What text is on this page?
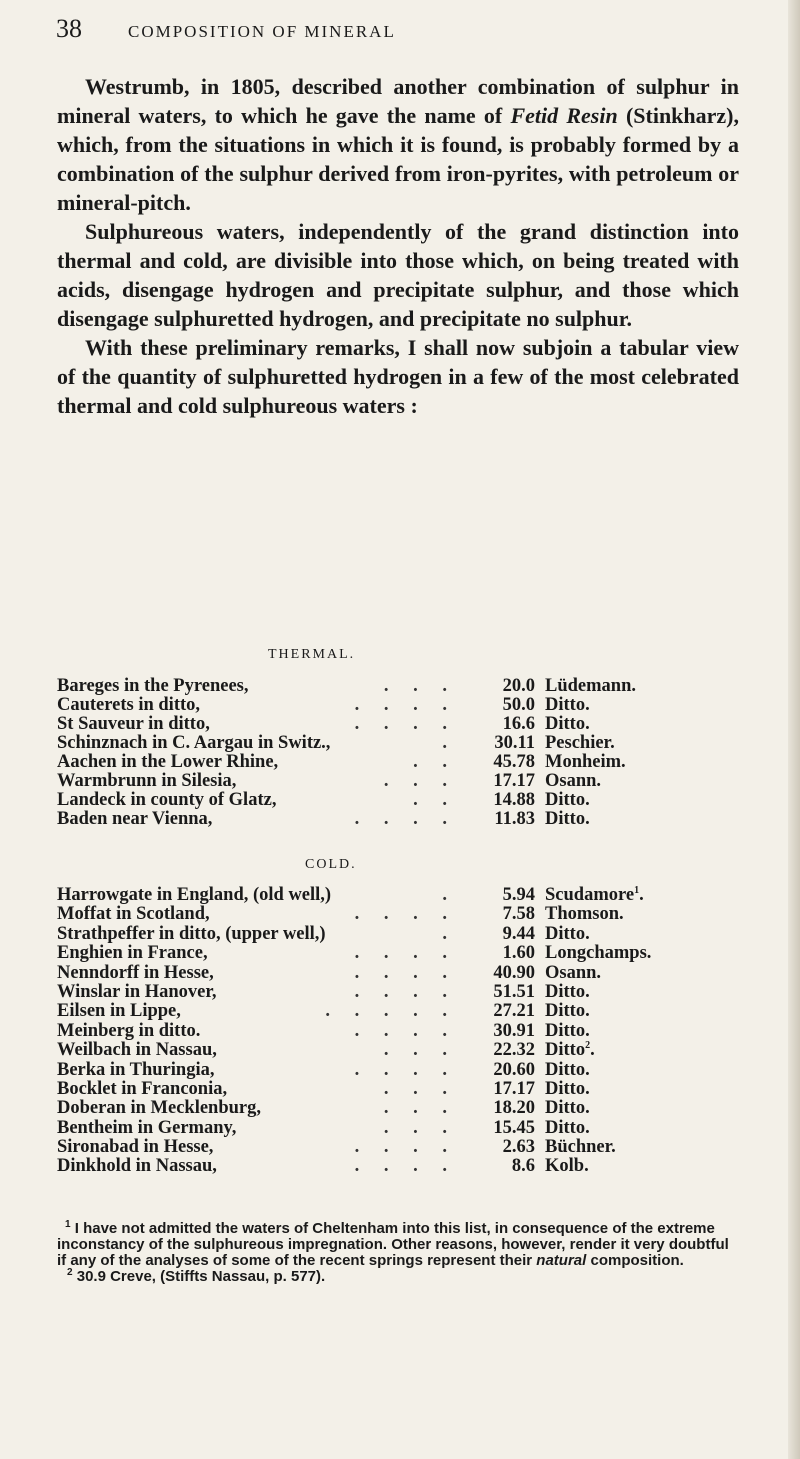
38	COMPOSITION OF MINERAL

Westrumb, in 1805, described another combination of sulphur in mineral waters, to which he gave the name of Fetid Resin (Stinkharz), which, from the situations in which it is found, is probably formed by a combination of the sulphur derived from iron-pyrites, with petroleum or mineral-pitch.

Sulphureous waters, independently of the grand distinction into thermal and cold, are divisible into those which, on being treated with acids, disengage hydrogen and precipitate sulphur, and those which disengage sulphuretted hydrogen, and precipitate no sulphur.

With these preliminary remarks, I shall now subjoin a tabular view of the quantity of sulphuretted hydrogen in a few of the most celebrated thermal and cold sulphureous waters :

THERMAL.
Bareges in the Pyrenees,	. . .	20.0 Lüdemann.
Cauterets in ditto,	. . . .	50.0 Ditto.
St Sauveur in ditto,	. . . .	16.6 Ditto.
Schinznach in C. Aargau in Switz.,	.	30.11 Peschier.
Aachen in the Lower Rhine,	. .	45.78 Monheim.
Warmbrunn in Silesia,	. . .	17.17 Osann.
Landeck in county of Glatz,	. .	14.88 Ditto.
Baden near Vienna,	. . . .	11.83 Ditto.
COLD.
Harrowgate in England, (old well,)	.	5.94 Scudamore$^1$.
Moffat in Scotland,	. . . .	7.58 Thomson.
Strathpeffer in ditto, (upper well,)	.	9.44 Ditto.
Enghien in France,	. . . .	1.60 Longchamps.
Nenndorff in Hesse,	. . . .	40.90 Osann.
Winslar in Hanover,	. . . .	51.51 Ditto.
Eilsen in Lippe,	. . . . .	27.21 Ditto.
Meinberg in ditto.	. . . .	30.91 Ditto.
Weilbach in Nassau,	. . .	22.32 Ditto$^2$.
Berka in Thuringia,	. . . .	20.60 Ditto.
Bocklet in Franconia,	. . .	17.17 Ditto.
Doberan in Mecklenburg,	. . .	18.20 Ditto.
Bentheim in Germany,	. . .	15.45 Ditto.
Sironabad in Hesse,	. . . .	2.63 Büchner.
Dinkhold in Nassau,	. . . .	8.6 Kolb.

$^1$ I have not admitted the waters of Cheltenham into this list, in consequence of the extreme inconstancy of the sulphureous impregnation. Other reasons, however, render it very doubtful if any of the analyses of some of the recent springs represent their natural composition.

$^2$ 30.9 Creve, (Stiffts Nassau, p. 577).
